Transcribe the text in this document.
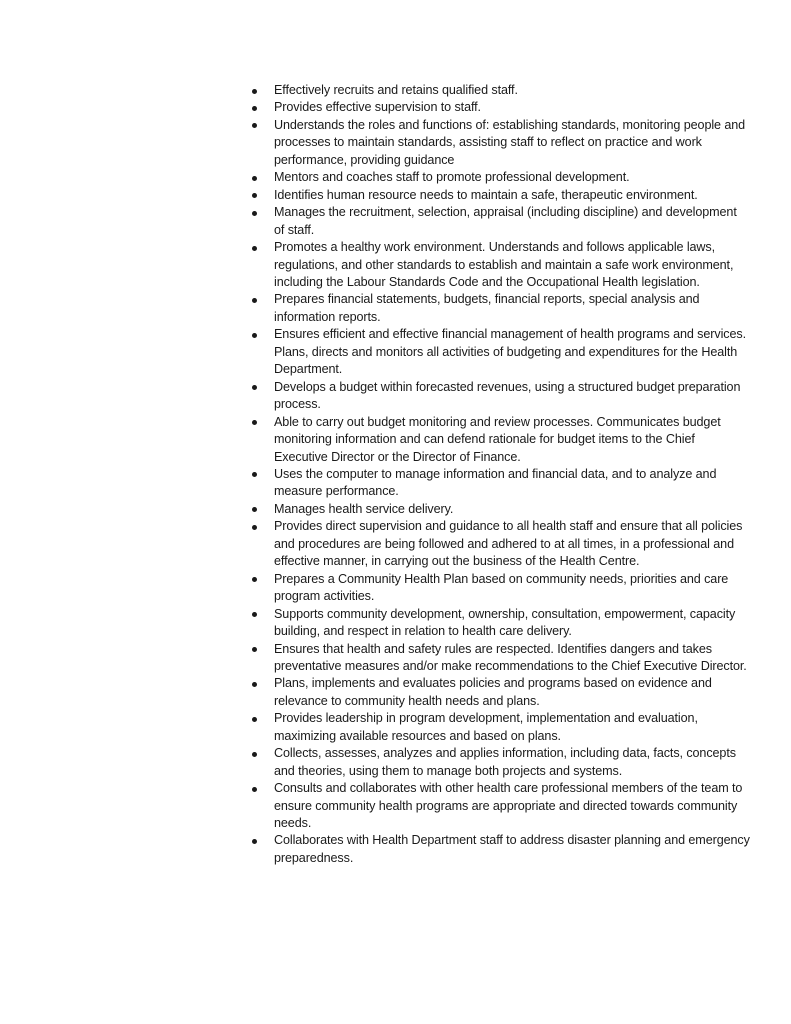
Effectively recruits and retains qualified staff.
Provides effective supervision to staff.
Understands the roles and functions of: establishing standards, monitoring people and processes to maintain standards, assisting staff to reflect on practice and work performance, providing guidance
Mentors and coaches staff to promote professional development.
Identifies human resource needs to maintain a safe, therapeutic environment.
Manages the recruitment, selection, appraisal (including discipline) and development of staff.
Promotes a healthy work environment. Understands and follows applicable laws, regulations, and other standards to establish and maintain a safe work environment, including the Labour Standards Code and the Occupational Health legislation.
Prepares financial statements, budgets, financial reports, special analysis and information reports.
Ensures efficient and effective financial management of health programs and services. Plans, directs and monitors all activities of budgeting and expenditures for the Health Department.
Develops a budget within forecasted revenues, using a structured budget preparation process.
Able to carry out budget monitoring and review processes. Communicates budget monitoring information and can defend rationale for budget items to the Chief Executive Director or the Director of Finance.
Uses the computer to manage information and financial data, and to analyze and measure performance.
Manages health service delivery.
Provides direct supervision and guidance to all health staff and ensure that all policies and procedures are being followed and adhered to at all times, in a professional and effective manner, in carrying out the business of the Health Centre.
Prepares a Community Health Plan based on community needs, priorities and care program activities.
Supports community development, ownership, consultation, empowerment, capacity building, and respect in relation to health care delivery.
Ensures that health and safety rules are respected. Identifies dangers and takes preventative measures and/or make recommendations to the Chief Executive Director.
Plans, implements and evaluates policies and programs based on evidence and relevance to community health needs and plans.
Provides leadership in program development, implementation and evaluation, maximizing available resources and based on plans.
Collects, assesses, analyzes and applies information, including data, facts, concepts and theories, using them to manage both projects and systems.
Consults and collaborates with other health care professional members of the team to ensure community health programs are appropriate and directed towards community needs.
Collaborates with Health Department staff to address disaster planning and emergency preparedness.
